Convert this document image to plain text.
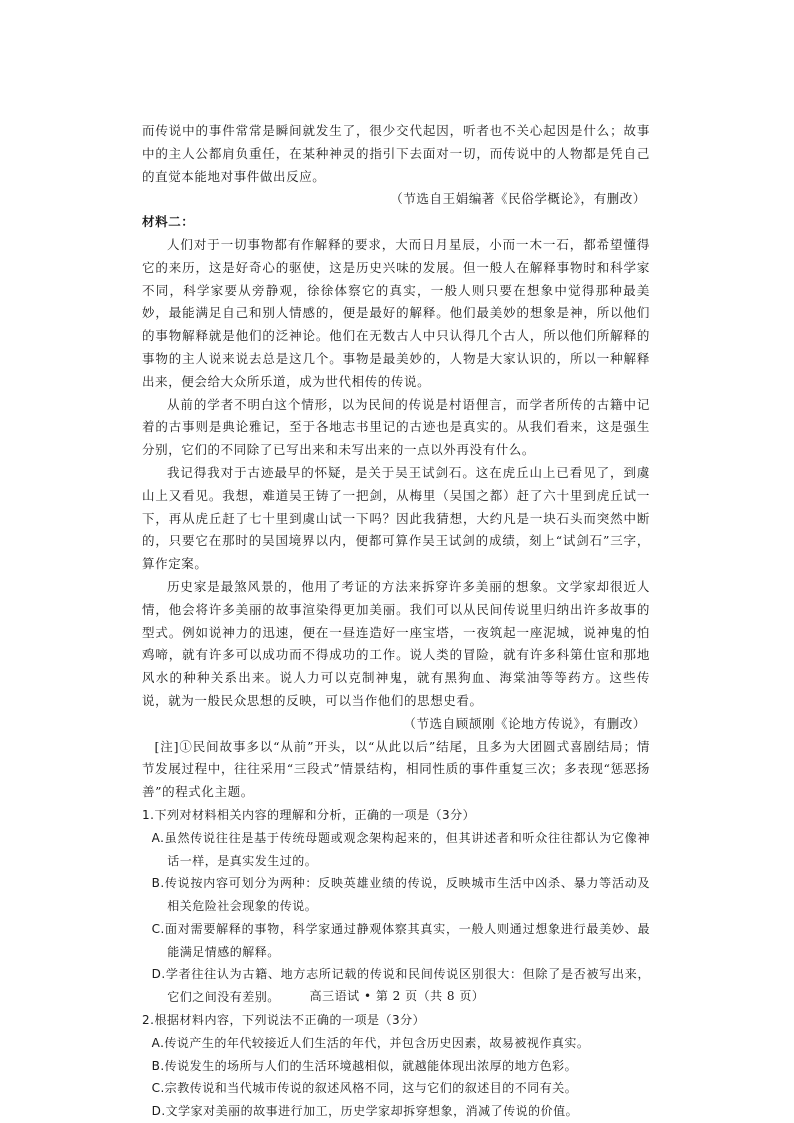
而传说中的事件常常是瞬间就发生了，很少交代起因，听者也不关心起因是什么；故事中的主人公都肩负重任，在某种神灵的指引下去面对一切，而传说中的人物都是凭自己的直觉本能地对事件做出反应。

（节选自王娟编著《民俗学概论》，有删改）

材料二：

人们对于一切事物都有作解释的要求，大而日月星辰，小而一木一石，都希望懂得它的来历，这是好奇心的驱使，这是历史兴味的发展。但一般人在解释事物时和科学家不同，科学家要从旁静观，徐徐体察它的真实，一般人则只要在想象中觉得那种最美妙，最能满足自己和别人情感的，便是最好的解释。他们最美妙的想象是神，所以他们的事物解释就是他们的泛神论。他们在无数古人中只认得几个古人，所以他们所解释的事物的主人说来说去总是这几个。事物是最美妙的，人物是大家认识的，所以一种解释出来，便会给大众所乐道，成为世代相传的传说。

从前的学者不明白这个情形，以为民间的传说是村语俚言，而学者所传的古籍中记着的古事则是典论雅记，至于各地志书里记的古迹也是真实的。从我们看来，这是强生分别，它们的不同除了已写出来和未写出来的一点以外再没有什么。

我记得我对于古迹最早的怀疑，是关于吴王试剑石。这在虎丘山上已看见了，到虞山上又看见。我想，难道吴王铸了一把剑，从梅里（吴国之都）赶了六十里到虎丘试一下，再从虎丘赶了七十里到虞山试一下吗？因此我猜想，大约凡是一块石头而突然中断的，只要它在那时的吴国境界以内，便都可算作吴王试剑的成绩，刻上“试剑石”三字，算作定案。

历史家是最煞风景的，他用了考证的方法来拆穿许多美丽的想象。文学家却很近人情，他会将许多美丽的故事渲染得更加美丽。我们可以从民间传说里归纳出许多故事的型式。例如说神力的迅速，便在一昼连造好一座宝塔，一夜筑起一座泥城，说神鬼的怕鸡啼，就有许多可以成功而不得成功的工作。说人类的冒险，就有许多科第仕宦和那地风水的种种关系出来。说人力可以克制神鬼，就有黑狗血、海棠油等等药方。这些传说，就为一般民众思想的反映，可以当作他们的思想史看。

（节选自顾颉刚《论地方传说》，有删改）

[注]①民间故事多以“从前”开头，以“从此以后”结尾，且多为大团圆式喜剧结局；情节发展过程中，往往采用“三段式”情景结构，相同性质的事件重复三次；多表现“惩恶扬善”的程式化主题。

1.下列对材料相关内容的理解和分析，正确的一项是（3分）

A.虽然传说往往是基于传统母题或观念架构起来的，但其讲述者和听众往往都认为它像神话一样，是真实发生过的。

B.传说按内容可划分为两种：反映英雄业绩的传说，反映城市生活中凶杀、暴力等活动及相关危险社会现象的传说。

C.面对需要解释的事物，科学家通过静观体察其真实，一般人则通过想象进行最美妙、最能满足情感的解释。

D.学者往往认为古籍、地方志所记载的传说和民间传说区别很大：但除了是否被写出来，它们之间没有差别。

2.根据材料内容，下列说法不正确的一项是（3分）

A.传说产生的年代较接近人们生活的年代，并包含历史因素，故易被视作真实。

B.传说发生的场所与人们的生活环境越相似，就越能体现出浓厚的地方色彩。

C.宗教传说和当代城市传说的叙述风格不同，这与它们的叙述目的不同有关。

D.文学家对美丽的故事进行加工，历史学家却拆穿想象，消减了传说的价值。

高三语试 • 第 2 页（共 8 页）
